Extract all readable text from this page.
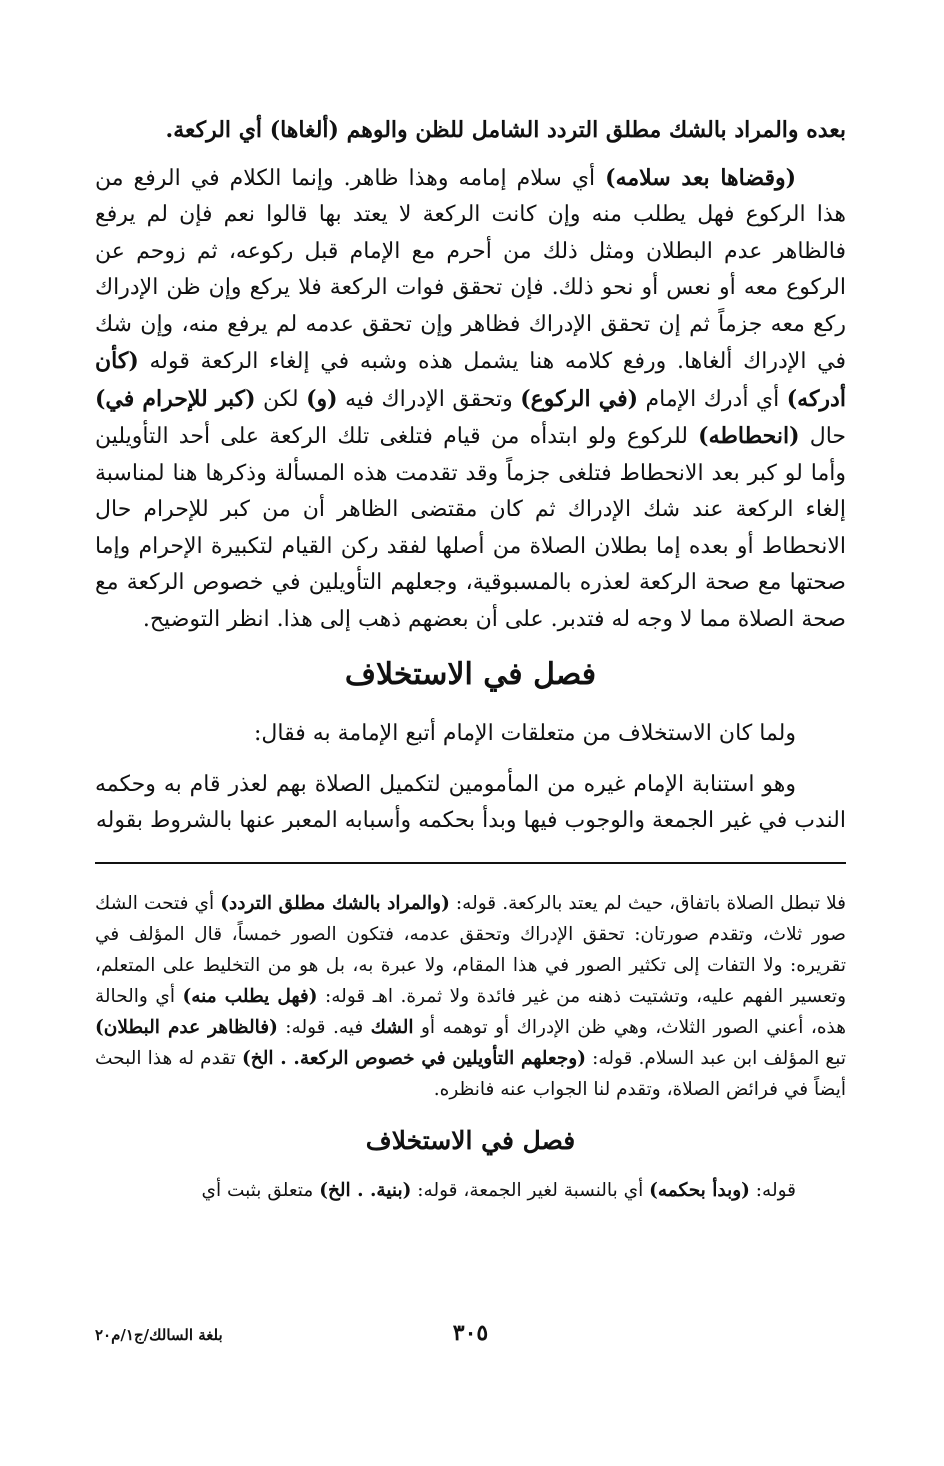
بعده والمراد بالشك مطلق التردد الشامل للظن والوهم (ألغاها) أي الركعة.

(وقضاها بعد سلامه) أي سلام إمامه وهذا ظاهر. وإنما الكلام في الرفع من هذا الركوع فهل يطلب منه وإن كانت الركعة لا يعتد بها قالوا نعم فإن لم يرفع فالظاهر عدم البطلان ومثل ذلك من أحرم مع الإمام قبل ركوعه، ثم زوحم عن الركوع معه أو نعس أو نحو ذلك. فإن تحقق فوات الركعة فلا يركع وإن ظن الإدراك ركع معه جزماً ثم إن تحقق الإدراك فظاهر وإن تحقق عدمه لم يرفع منه، وإن شك في الإدراك ألغاها. ورفع كلامه هنا يشمل هذه وشبه في إلغاء الركعة قوله (كأن أدركه) أي أدرك الإمام (في الركوع) وتحقق الإدراك فيه (و) لكن (كبر للإحرام في) حال (انحطاطه) للركوع ولو ابتدأه من قيام فتلغى تلك الركعة على أحد التأويلين وأما لو كبر بعد الانحطاط فتلغى جزماً وقد تقدمت هذه المسألة وذكرها هنا لمناسبة إلغاء الركعة عند شك الإدراك ثم كان مقتضى الظاهر أن من كبر للإحرام حال الانحطاط أو بعده إما بطلان الصلاة من أصلها لفقد ركن القيام لتكبيرة الإحرام وإما صحتها مع صحة الركعة لعذره بالمسبوقية، وجعلهم التأويلين في خصوص الركعة مع صحة الصلاة مما لا وجه له فتدبر. على أن بعضهم ذهب إلى هذا. انظر التوضيح.

فصل في الاستخلاف

ولما كان الاستخلاف من متعلقات الإمام أتبع الإمامة به فقال:

وهو استنابة الإمام غيره من المأمومين لتكميل الصلاة بهم لعذر قام به وحكمه الندب في غير الجمعة والوجوب فيها وبدأ بحكمه وأسبابه المعبر عنها بالشروط بقوله

فلا تبطل الصلاة باتفاق، حيث لم يعتد بالركعة. قوله: (والمراد بالشك مطلق التردد) أي فتحت الشك صور ثلاث، وتقدم صورتان: تحقق الإدراك وتحقق عدمه، فتكون الصور خمساً، قال المؤلف في تقريره: ولا التفات إلى تكثير الصور في هذا المقام، ولا عبرة به، بل هو من التخليط على المتعلم، وتعسير الفهم عليه، وتشتيت ذهنه من غير فائدة ولا ثمرة. اهـ قوله: (فهل يطلب منه) أي والحالة هذه، أعني الصور الثلاث، وهي ظن الإدراك أو توهمه أو الشك فيه. قوله: (فالظاهر عدم البطلان) تبع المؤلف ابن عبد السلام. قوله: (وجعلهم التأويلين في خصوص الركعة. . الخ) تقدم له هذا البحث أيضاً في فرائض الصلاة، وتقدم لنا الجواب عنه فانظره.

فصل في الاستخلاف

قوله: (وبدأ بحكمه) أي بالنسبة لغير الجمعة، قوله: (بنية. . الخ) متعلق بثبت أي

٣٠٥
بلغة السالك/ج١/م٢٠
